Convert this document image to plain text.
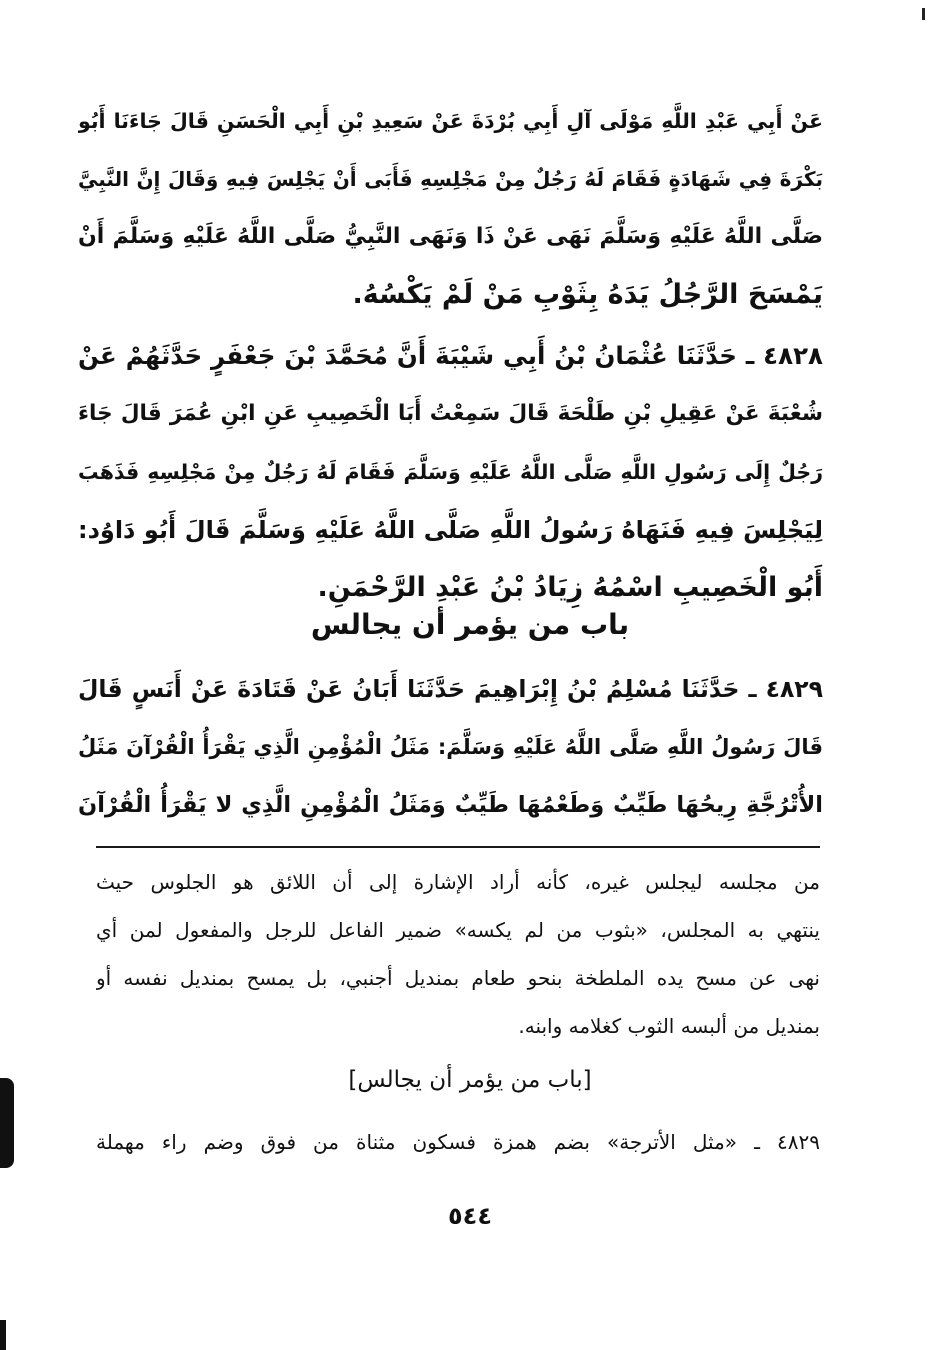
عَنْ أَبِي عَبْدِ اللَّهِ مَوْلَى آلِ أَبِي بُرْدَةَ عَنْ سَعِيدِ بْنِ أَبِي الْحَسَنِ قَالَ جَاءَنَا أَبُو
بَكْرَةَ فِي شَهَادَةٍ فَقَامَ لَهُ رَجُلٌ مِنْ مَجْلِسِهِ فَأَبَى أَنْ يَجْلِسَ فِيهِ وَقَالَ إِنَّ النَّبِيَّ
صَلَّى اللَّهُ عَلَيْهِ وَسَلَّمَ نَهَى عَنْ ذَا وَنَهَى النَّبِيُّ صَلَّى اللَّهُ عَلَيْهِ وَسَلَّمَ أَنْ
يَمْسَحَ الرَّجُلُ يَدَهُ بِثَوْبِ مَنْ لَمْ يَكْسُهُ.
٤٨٢٨ ـ حَدَّثَنَا عُثْمَانُ بْنُ أَبِي شَيْبَةَ أَنَّ مُحَمَّدَ بْنَ جَعْفَرٍ حَدَّثَهُمْ عَنْ
شُعْبَةَ عَنْ عَقِيلِ بْنِ طَلْحَةَ قَالَ سَمِعْتُ أَبَا الْخَصِيبِ عَنِ ابْنِ عُمَرَ قَالَ جَاءَ
رَجُلٌ إِلَى رَسُولِ اللَّهِ صَلَّى اللَّهُ عَلَيْهِ وَسَلَّمَ فَقَامَ لَهُ رَجُلٌ مِنْ مَجْلِسِهِ فَذَهَبَ
لِيَجْلِسَ فِيهِ فَنَهَاهُ رَسُولُ اللَّهِ صَلَّى اللَّهُ عَلَيْهِ وَسَلَّمَ قَالَ أَبُو دَاوُد:
أَبُو الْخَصِيبِ اسْمُهُ زِيَادُ بْنُ عَبْدِ الرَّحْمَنِ.
باب من يؤمر أن يجالس
٤٨٢٩ ـ حَدَّثَنَا مُسْلِمُ بْنُ إِبْرَاهِيمَ حَدَّثَنَا أَبَانُ عَنْ قَتَادَةَ عَنْ أَنَسٍ قَالَ
قَالَ رَسُولُ اللَّهِ صَلَّى اللَّهُ عَلَيْهِ وَسَلَّمَ: مَثَلُ الْمُؤْمِنِ الَّذِي يَقْرَأُ الْقُرْآنَ مَثَلُ
الأُتْرُجَّةِ رِيحُهَا طَيِّبٌ وَطَعْمُهَا طَيِّبٌ وَمَثَلُ الْمُؤْمِنِ الَّذِي لا يَقْرَأُ الْقُرْآنَ
من مجلسه ليجلس غيره، كأنه أراد الإشارة إلى أن اللائق هو الجلوس حيث
ينتهي به المجلس، «بثوب من لم يكسه» ضمير الفاعل للرجل والمفعول لمن أي
نهى عن مسح يده الملطخة بنحو طعام بمنديل أجنبي، بل يمسح بمنديل نفسه أو
بمنديل من ألبسه الثوب كغلامه وابنه.
[باب من يؤمر أن يجالس]
٤٨٢٩ ـ «مثل الأترجة» بضم همزة فسكون مثناة من فوق وضم راء مهملة
٥٤٤
